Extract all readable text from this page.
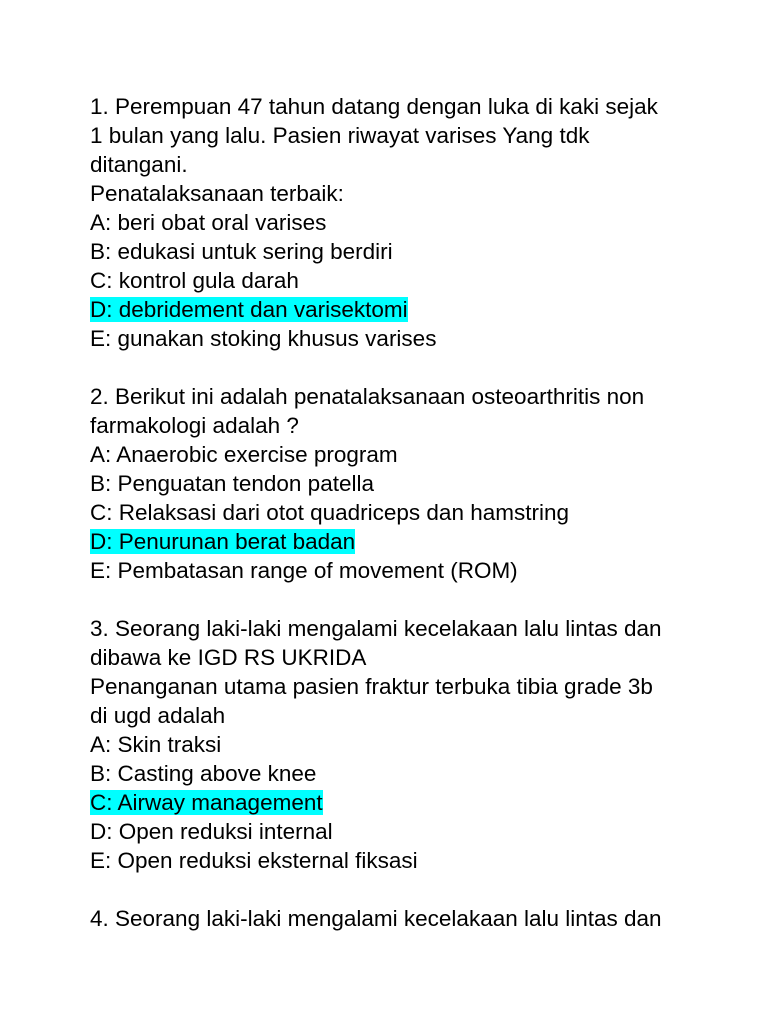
1. Perempuan 47 tahun datang dengan luka di kaki sejak
1 bulan yang lalu. Pasien riwayat varises Yang tdk
ditangani.
Penatalaksanaan terbaik:
A: beri obat oral varises
B: edukasi untuk sering berdiri
C: kontrol gula darah
D: debridement dan varisektomi
E: gunakan stoking khusus varises
2. Berikut ini adalah penatalaksanaan osteoarthritis non
farmakologi adalah ?
A: Anaerobic exercise program
B: Penguatan tendon patella
C: Relaksasi dari otot quadriceps dan hamstring
D: Penurunan berat badan
E: Pembatasan range of movement (ROM)
3. Seorang laki-laki mengalami kecelakaan lalu lintas dan
dibawa ke IGD RS UKRIDA
Penanganan utama pasien fraktur terbuka tibia grade 3b
di ugd adalah
A: Skin traksi
B: Casting above knee
C: Airway management
D: Open reduksi internal
E: Open reduksi eksternal fiksasi
4. Seorang laki-laki mengalami kecelakaan lalu lintas dan
